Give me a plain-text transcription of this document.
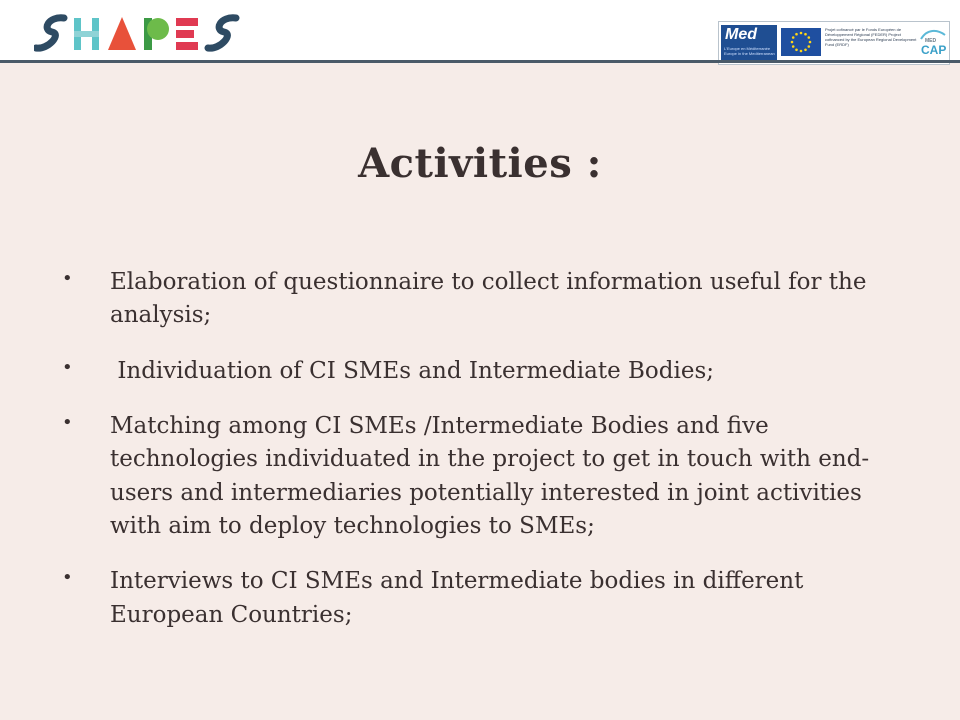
Med
L'Europe en Méditerranée Europe in the Mediterranean
Projet cofinancé par le Fonds Européen de Développement Régional (FEDER) Project cofinanced by the European Regional Development Fund (ERDF)
MED
CAP
Activities :
• Elaboration of questionnaire to collect information useful for the analysis;
• Individuation of CI SMEs and Intermediate Bodies;
• Matching among CI SMEs /Intermediate Bodies and five technologies individuated in the project to get in touch with end-users and intermediaries potentially interested in joint activities with aim to deploy technologies to SMEs;
• Interviews to CI SMEs and Intermediate bodies in different European Countries;
